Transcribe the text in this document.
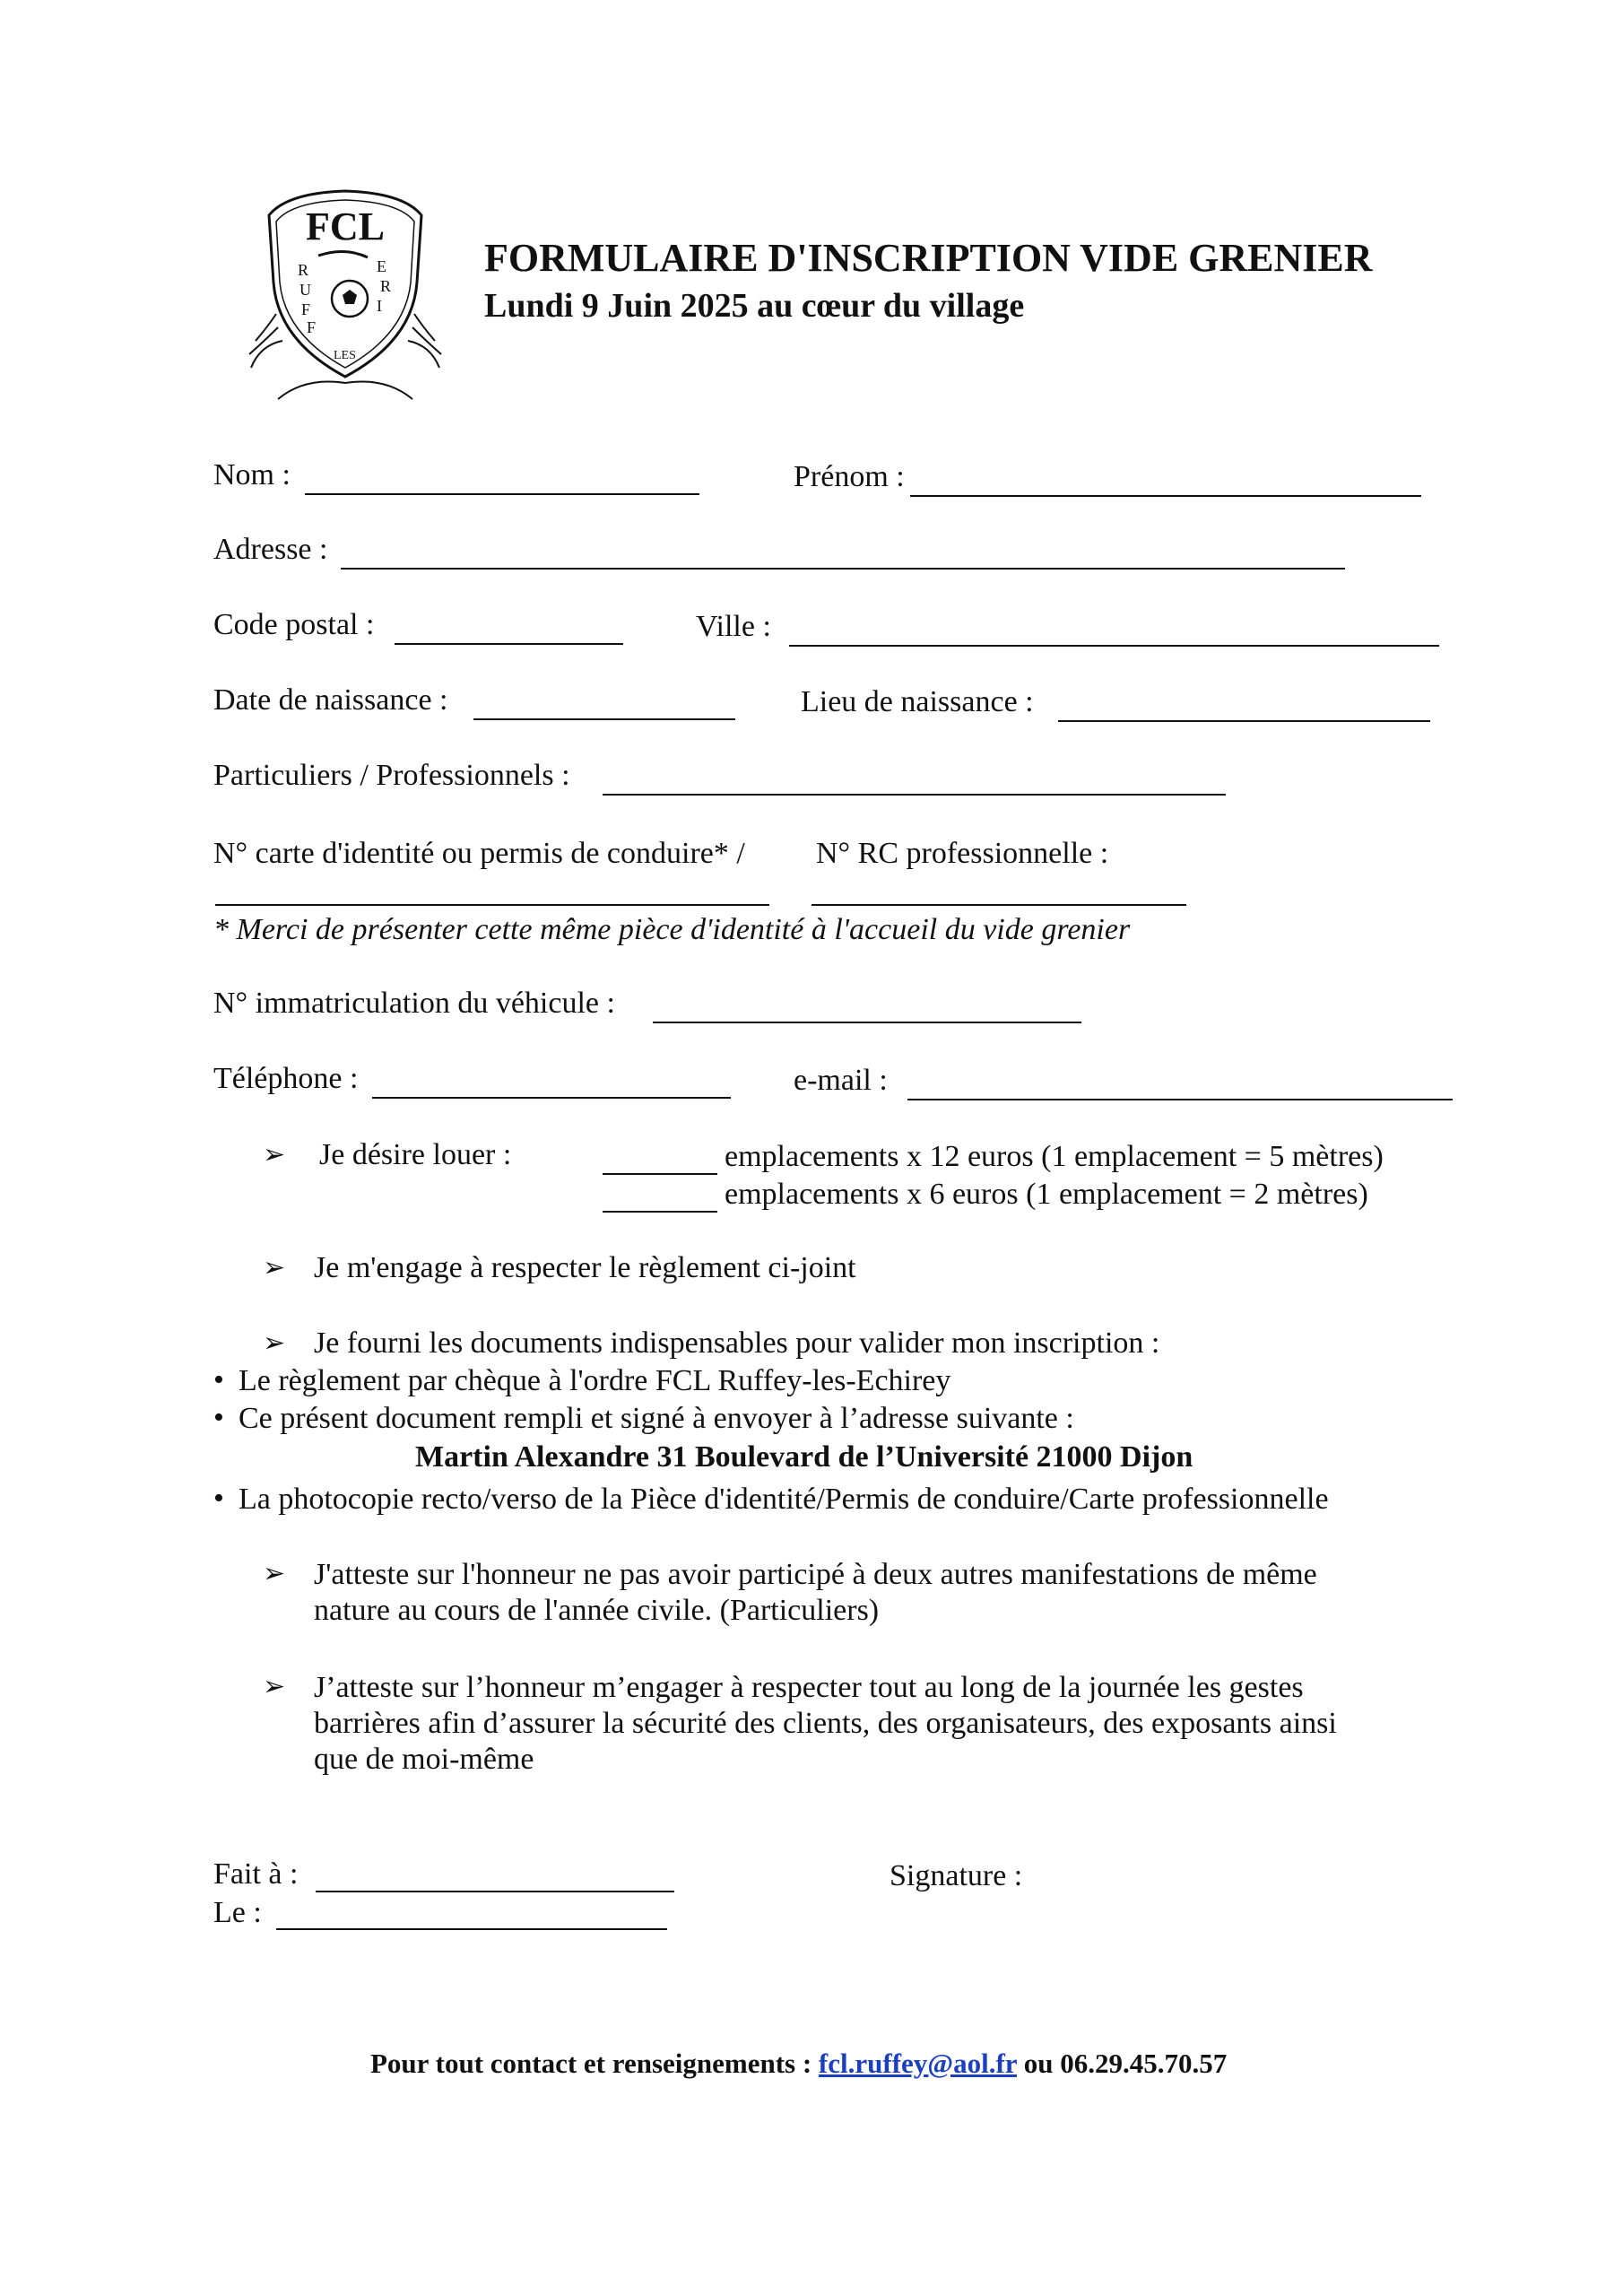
FCL
R
U
F
F
E
R
I
LES
FORMULAIRE D'INSCRIPTION VIDE GRENIER
Lundi 9 Juin 2025 au cœur du village
Nom :	Prénom :
Adresse :
Code postal :	Ville :
Date de naissance :	Lieu de naissance :
Particuliers / Professionnels :
N° carte d'identité ou permis de conduire* / N° RC professionnelle :
* Merci de présenter cette même pièce d'identité à l'accueil du vide grenier
N° immatriculation du véhicule :
Téléphone :	e-mail :
➢ Je désire louer :	emplacements x 12 euros (1 emplacement = 5 mètres)
emplacements x 6 euros (1 emplacement = 2 mètres)
➢ Je m'engage à respecter le règlement ci-joint
➢ Je fourni les documents indispensables pour valider mon inscription :
• Le règlement par chèque à l'ordre FCL Ruffey-les-Echirey
• Ce présent document rempli et signé à envoyer à l’adresse suivante :
Martin Alexandre 31 Boulevard de l’Université 21000 Dijon
• La photocopie recto/verso de la Pièce d'identité/Permis de conduire/Carte professionnelle
➢ J'atteste sur l'honneur ne pas avoir participé à deux autres manifestations de même
nature au cours de l'année civile. (Particuliers)
➢ J’atteste sur l’honneur m’engager à respecter tout au long de la journée les gestes
barrières afin d’assurer la sécurité des clients, des organisateurs, des exposants ainsi
que de moi-même
Fait à :
Le :
Signature :
Pour tout contact et renseignements : fcl.ruffey@aol.fr ou 06.29.45.70.57
